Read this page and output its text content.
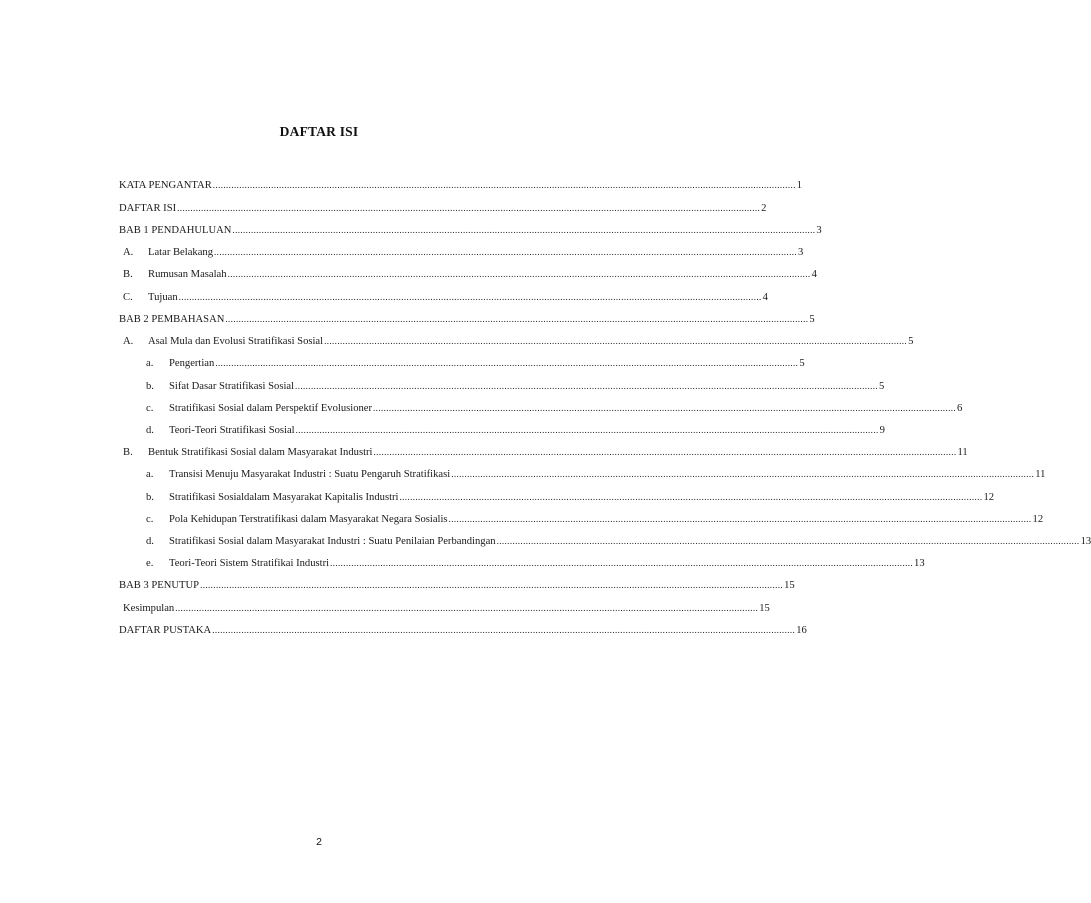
DAFTAR ISI
KATA PENGANTAR ............................................................................................................................................................................................................................ 1
DAFTAR ISI ............................................................................................................................................................................................................................ 2
BAB 1 PENDAHULUAN ............................................................................................................................................................................................................................ 3
A.	Latar Belakang ............................................................................................................................................................................................................................ 3
B.	Rumusan Masalah ............................................................................................................................................................................................................................ 4
C.	Tujuan ............................................................................................................................................................................................................................ 4
BAB 2 PEMBAHASAN ............................................................................................................................................................................................................................ 5
A.	Asal Mula dan Evolusi Stratifikasi Sosial ............................................................................................................................................................................................................................ 5
a.	Pengertian ............................................................................................................................................................................................................................ 5
b.	Sifat Dasar Stratifikasi Sosial ............................................................................................................................................................................................................................ 5
c.	Stratifikasi Sosial dalam Perspektif Evolusioner ............................................................................................................................................................................................................................ 6
d.	Teori-Teori Stratifikasi Sosial ............................................................................................................................................................................................................................ 9
B.	Bentuk Stratifikasi Sosial dalam Masyarakat Industri ............................................................................................................................................................................................................................ 11
a.	Transisi Menuju Masyarakat Industri : Suatu Pengaruh Stratifikasi ............................................................................................................................................................................................................................ 11
b.	Stratifikasi Sosialdalam Masyarakat Kapitalis Industri ............................................................................................................................................................................................................................ 12
c.	Pola Kehidupan Terstratifikasi dalam Masyarakat Negara Sosialis ............................................................................................................................................................................................................................ 12
d.	Stratifikasi Sosial dalam Masyarakat Industri : Suatu Penilaian Perbandingan ............................................................................................................................................................................................................................ 13
e.	Teori-Teori Sistem Stratifikai Industri ............................................................................................................................................................................................................................ 13
BAB 3 PENUTUP ............................................................................................................................................................................................................................ 15
Kesimpulan ............................................................................................................................................................................................................................ 15
DAFTAR PUSTAKA ............................................................................................................................................................................................................................ 16
2
